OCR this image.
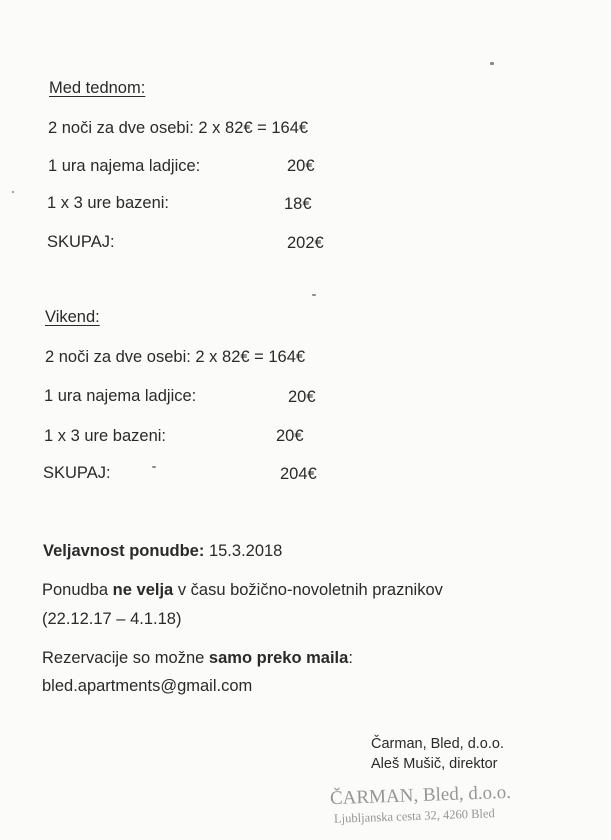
Med tednom:
2 noči za dve osebi: 2 x 82€ = 164€
1 ura najema ladjice:	20€
1 x 3 ure bazeni:	18€
SKUPAJ:	202€
Vikend:
2 noči za dve osebi: 2 x 82€ = 164€
1 ura najema ladjice:	20€
1 x 3 ure bazeni:	20€
SKUPAJ:	204€
Veljavnost ponudbe: 15.3.2018
Ponudba ne velja v času božično-novoletnih praznikov
(22.12.17 – 4.1.18)
Rezervacije so možne samo preko maila:
bled.apartments@gmail.com
Čarman, Bled, d.o.o.
Aleš Mušič, direktor
ČARMAN, Bled, d.o.o.
Ljubljanska cesta 32, 4260 Bled
